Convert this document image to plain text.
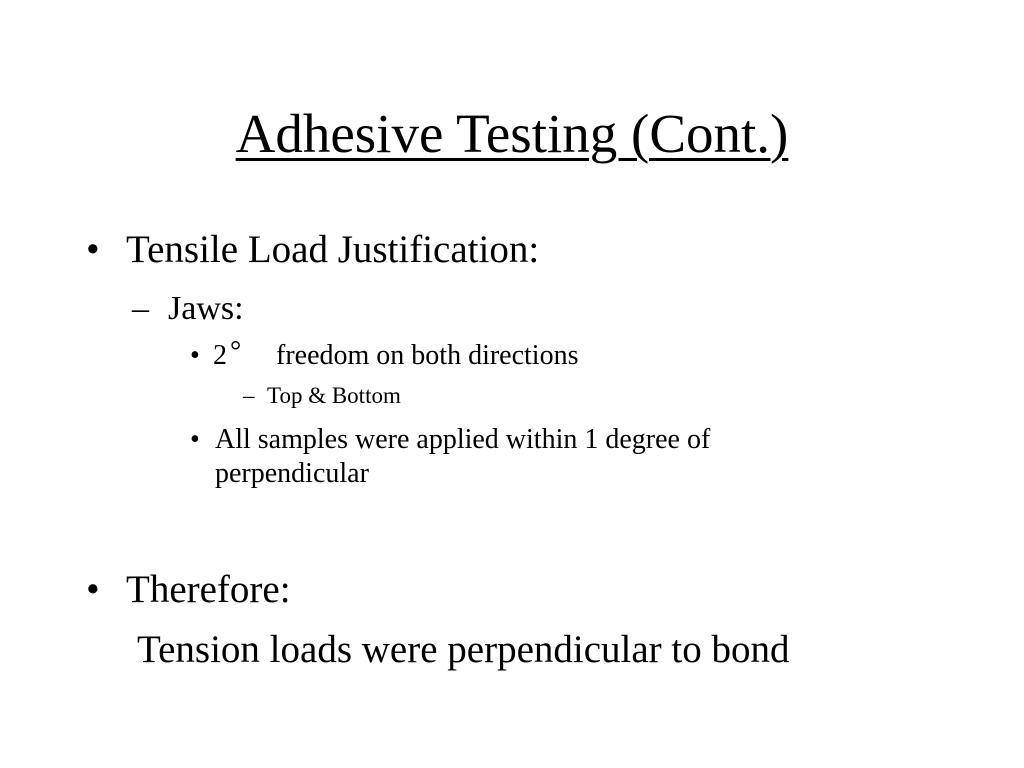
Adhesive Testing (Cont.)
• Tensile Load Justification:
– Jaws:
• 2 ° freedom on both directions
– Top & Bottom
• All samples were applied within 1 degree of perpendicular
• Therefore:
Tension loads were perpendicular to bond
